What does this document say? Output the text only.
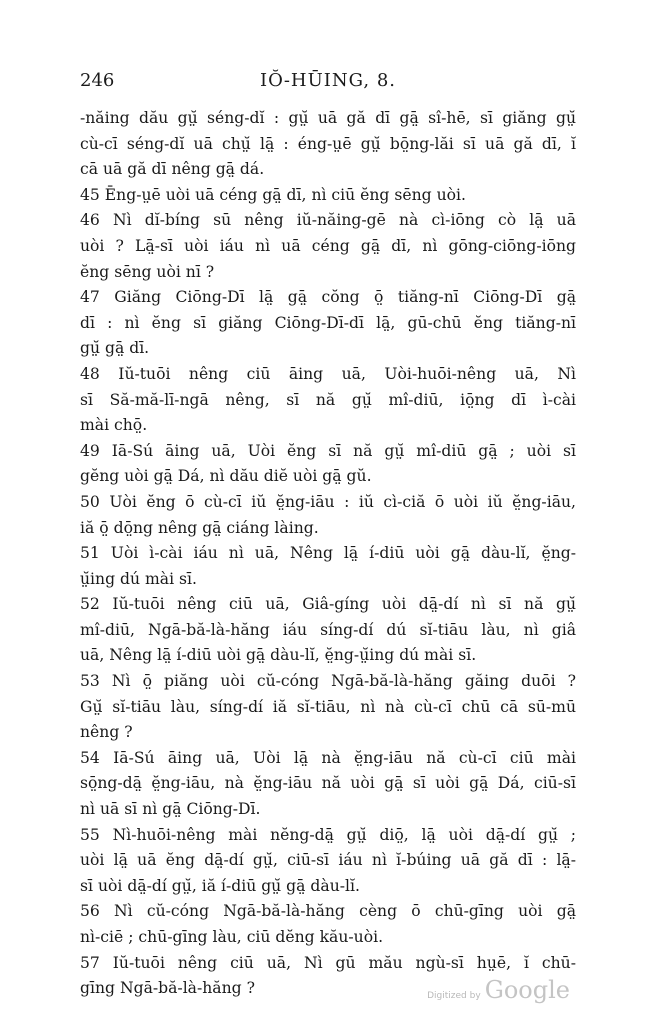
246	IŎ-HŪING, 8.
-năing dău gṳ̆ séng-dĭ : gṳ̆ uā gă dī gā̤ sî-hē, sī giăng gṳ̆
cù-cī séng-dĭ uā chṳ̆ lā̤ : éng-ṳē gṳ̆ bō̤ng-lăi sī uā gă dī, ĭ
cā uā gă dī nêng gā̤ dá.
45 Ēng-ṳē uòi uā céng gā̤ dī, nì ciū ĕng sēng uòi.
46 Nì dĭ-bíng sū nêng iŭ-năing-gē nà cì-iōng cò lā̤ uā
uòi ? Lā̤-sī uòi iáu nì uā céng gā̤ dī, nì gōng-ciōng-iōng
ĕng sēng uòi nī ?
47 Giăng Ciōng-Dī lā̤ gā̤ cŏng ō̤ tiăng-nī Ciōng-Dī gā̤
dī : nì ĕng sī giăng Ciōng-Dī-dī lā̤, gū-chū ĕng tiăng-nī
gṳ̆ gā̤ dī.
48 Iŭ-tuōi nêng ciū āing uā, Uòi-huōi-nêng uā, Nì
sī Să-mă-lī-ngā nêng, sī nă gṳ̆ mî-diū, iō̤ng dī ì-cài
mài chō̤.
49 Iā-Sú āing uā, Uòi ĕng sī nă gṳ̆ mî-diū gā̤ ; uòi sī
gĕng uòi gā̤ Dá, nì dău diĕ uòi gā̤ gŭ.
50 Uòi ĕng ō cù-cī iŭ ĕ̤ng-iāu : iŭ cì-ciă ō uòi iŭ ĕ̤ng-iāu,
iă ō̤ dō̤ng nêng gā̤ ciáng làing.
51 Uòi ì-cài iáu nì uā, Nêng lā̤ í-diū uòi gā̤ dàu-lĭ, ĕ̤ng-
ṳ̆ing dú mài sī.
52 Iŭ-tuōi nêng ciū uā, Giâ-gíng uòi dā̤-dí nì sī nă gṳ̆
mî-diū, Ngā-bă-là-hăng iáu síng-dí dú sĭ-tiāu làu, nì giâ
uā, Nêng lā̤ í-diū uòi gā̤ dàu-lĭ, ĕ̤ng-ṳ̆ing dú mài sī.
53 Nì ō̤ piăng uòi cŭ-cóng Ngā-bă-là-hăng găing duōi ?
Gṳ̆ sĭ-tiāu làu, síng-dí iă sĭ-tiāu, nì nà cù-cī chū cā sū-mū
nêng ?
54 Iā-Sú āing uā, Uòi lā̤ nà ĕ̤ng-iāu nă cù-cī ciū mài
sō̤ng-dā̤ ĕ̤ng-iāu, nà ĕ̤ng-iāu nă uòi gā̤ sī uòi gā̤ Dá, ciū-sī
nì uā sī nì gā̤ Ciōng-Dī.
55 Nì-huōi-nêng mài nĕng-dā̤ gṳ̆ diō̤, lā̤ uòi dā̤-dí gṳ̆ ;
uòi lā̤ uā ĕng dā̤-dí gṳ̆, ciū-sī iáu nì ĭ-búing uā gă dī : lā̤-
sī uòi dā̤-dí gṳ̆, iă í-diū gṳ̆ gā̤ dàu-lĭ.
56 Nì cŭ-cóng Ngā-bă-là-hăng cèng ō chū-gīng uòi gā̤
nì-ciē ; chū-gīng làu, ciū dĕng kău-uòi.
57 Iŭ-tuōi nêng ciū uā, Nì gū mău ngù-sī hṳē, ĭ chū-
gīng Ngā-bă-là-hăng ?	Digitized by Google
